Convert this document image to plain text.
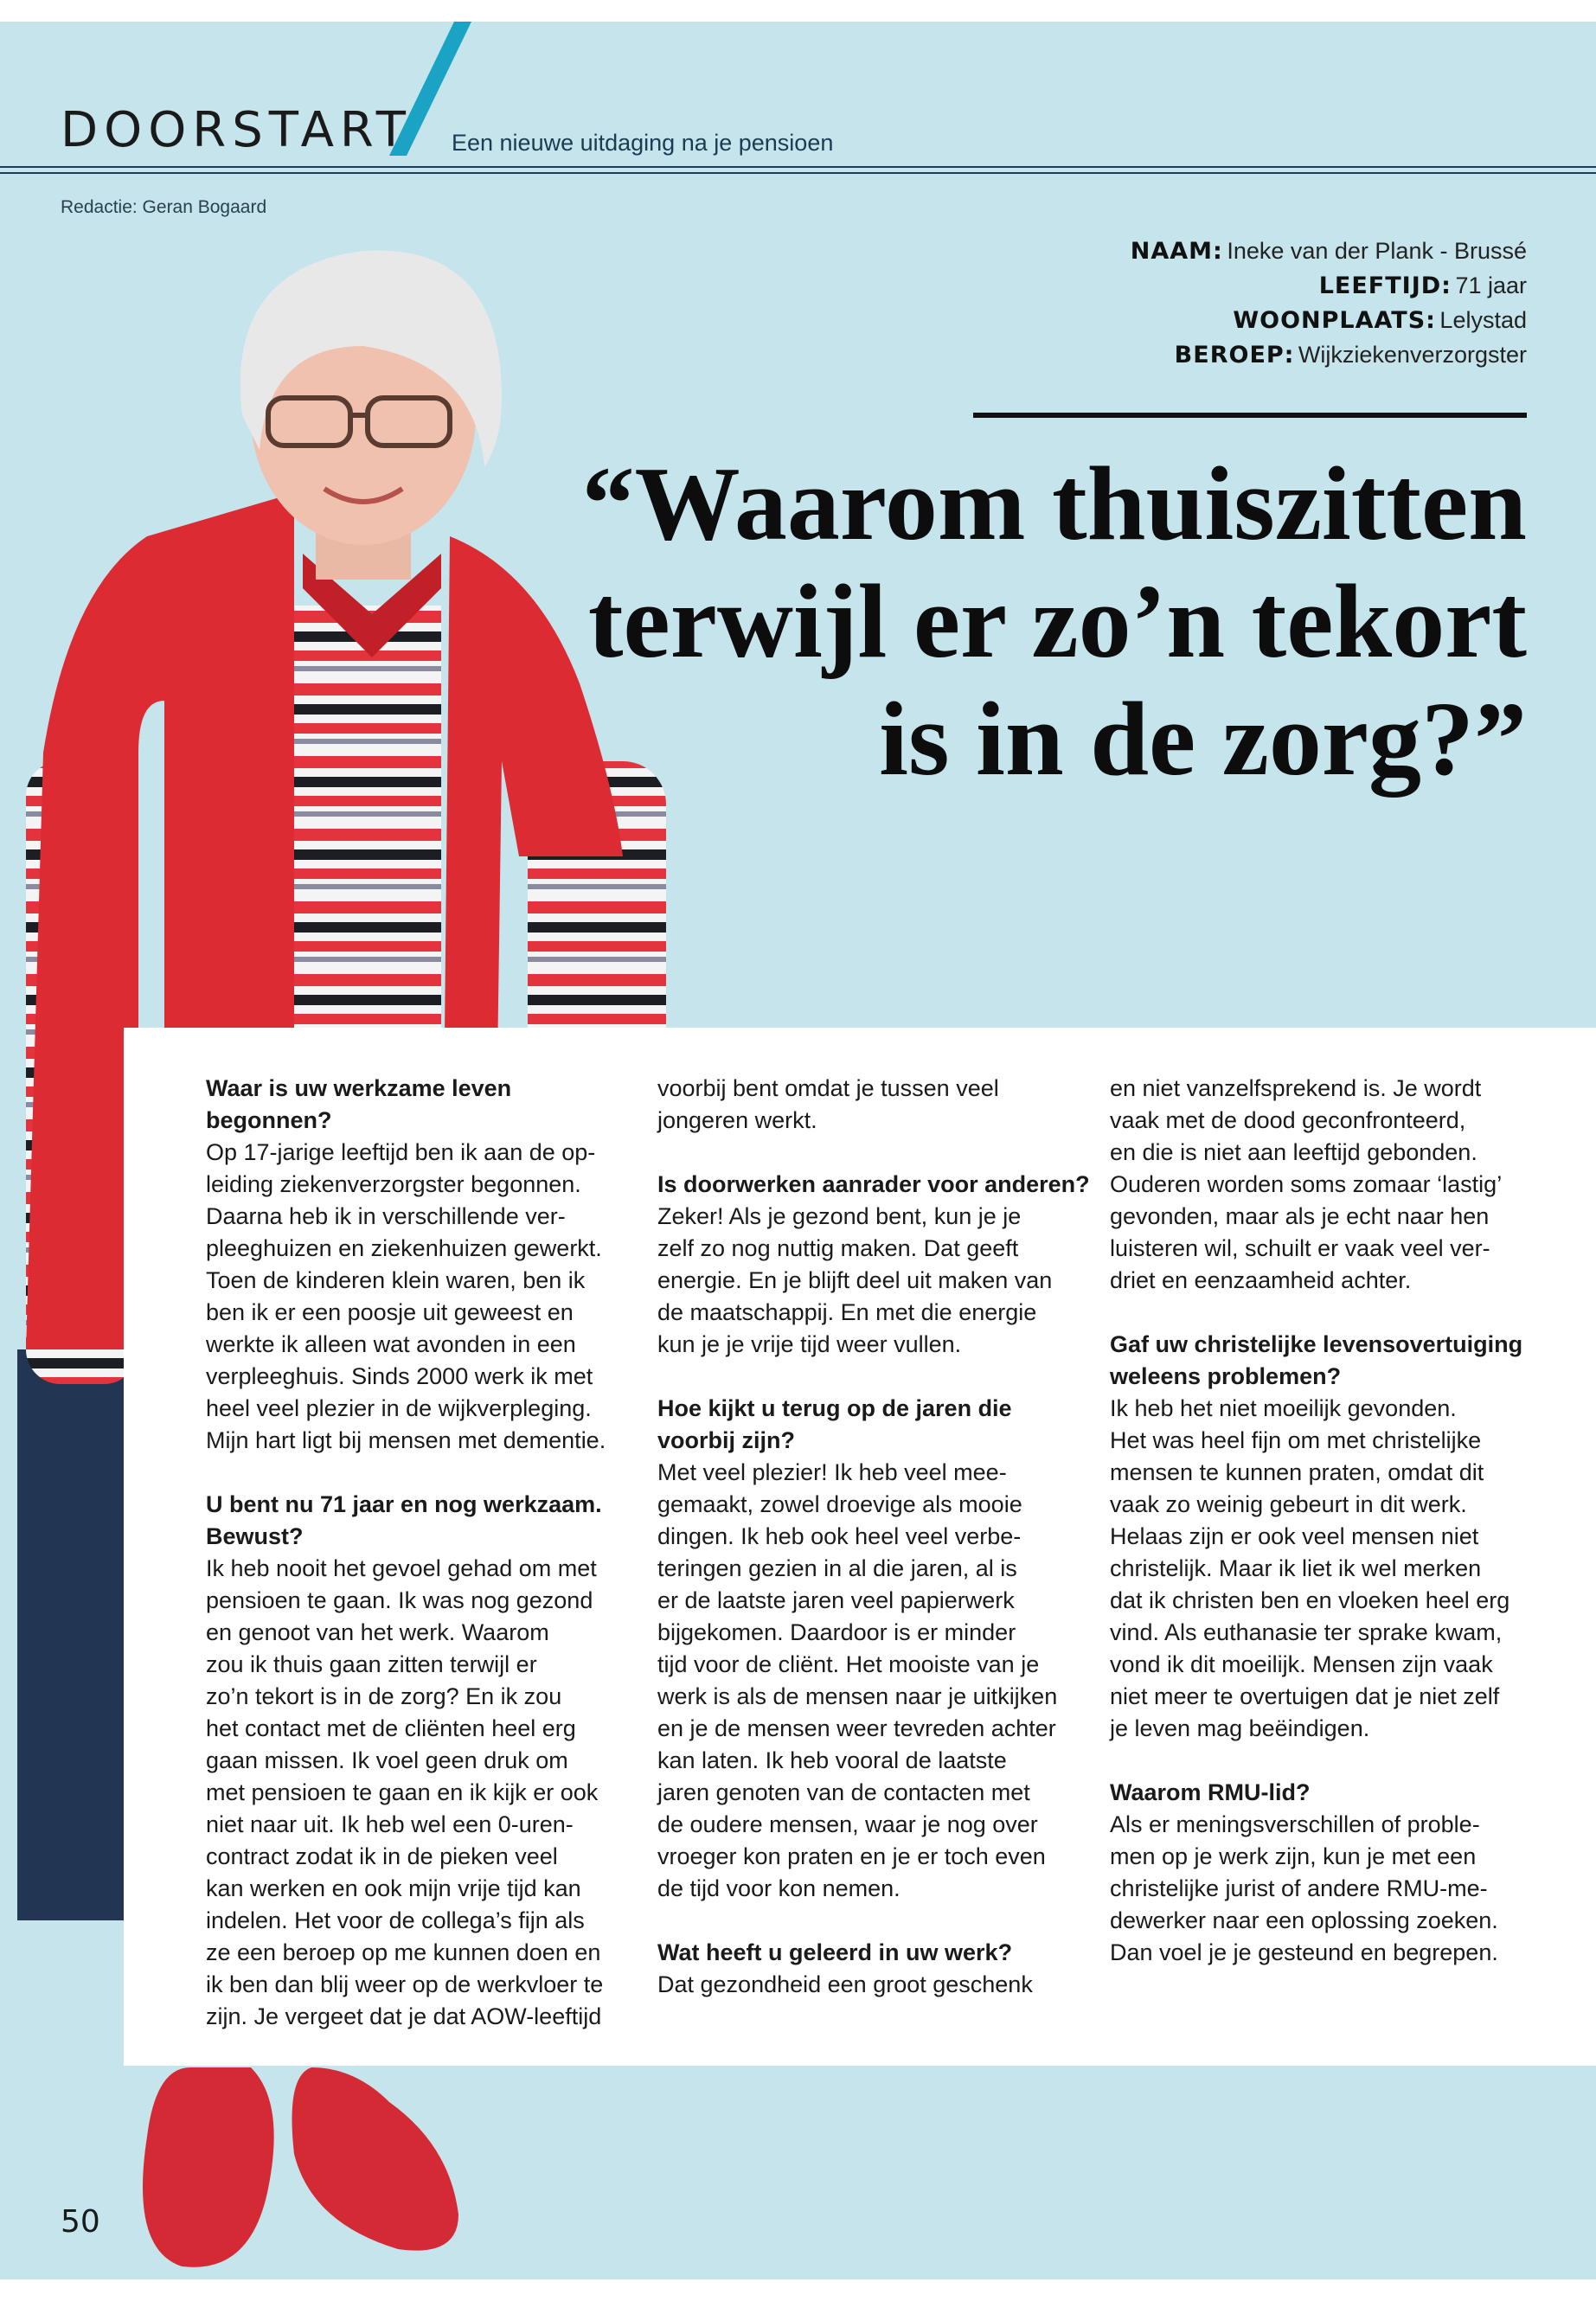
DOORSTART Een nieuwe uitdaging na je pensioen
Redactie: Geran Bogaard
NAAM: Ineke van der Plank - Brussé
LEEFTIJD: 71 jaar
WOONPLAATS: Lelystad
BEROEP: Wijkziekenverzorgster
“Waarom thuiszitten
terwijl er zo’n tekort
is in de zorg?”

Waar is uw werkzame leven begonnen?

Op 17-jarige leeftijd ben ik aan de op-

leiding ziekenverzorgster begonnen.

Daarna heb ik in verschillende ver-

pleeghuizen en ziekenhuizen gewerkt.

Toen de kinderen klein waren, ben ik

ben ik er een poosje uit geweest en

werkte ik alleen wat avonden in een

verpleeghuis. Sinds 2000 werk ik met

heel veel plezier in de wijkverpleging.

Mijn hart ligt bij mensen met dementie.

U bent nu 71 jaar en nog werkzaam.

Bewust?

Ik heb nooit het gevoel gehad om met

pensioen te gaan. Ik was nog gezond

en genoot van het werk. Waarom

zou ik thuis gaan zitten terwijl er

zo’n tekort is in de zorg? En ik zou

het contact met de cliënten heel erg

gaan missen. Ik voel geen druk om

met pensioen te gaan en ik kijk er ook

niet naar uit. Ik heb wel een 0-uren-

contract zodat ik in de pieken veel

kan werken en ook mijn vrije tijd kan

indelen. Het voor de collega’s fijn als

ze een beroep op me kunnen doen en

ik ben dan blij weer op de werkvloer te

zijn. Je vergeet dat je dat AOW-leeftijd

voorbij bent omdat je tussen veel

jongeren werkt.

Is doorwerken aanrader voor anderen?

Zeker! Als je gezond bent, kun je je

zelf zo nog nuttig maken. Dat geeft

energie. En je blijft deel uit maken van

de maatschappij. En met die energie

kun je je vrije tijd weer vullen.

Hoe kijkt u terug op de jaren die

voorbij zijn?

Met veel plezier! Ik heb veel mee-

gemaakt, zowel droevige als mooie

dingen. Ik heb ook heel veel verbe-

teringen gezien in al die jaren, al is

er de laatste jaren veel papierwerk

bijgekomen. Daardoor is er minder

tijd voor de cliënt. Het mooiste van je

werk is als de mensen naar je uitkijken

en je de mensen weer tevreden achter

kan laten. Ik heb vooral de laatste

jaren genoten van de contacten met

de oudere mensen, waar je nog over

vroeger kon praten en je er toch even

de tijd voor kon nemen.

Wat heeft u geleerd in uw werk?

Dat gezondheid een groot geschenk

en niet vanzelfsprekend is. Je wordt

vaak met de dood geconfronteerd,

en die is niet aan leeftijd gebonden.

Ouderen worden soms zomaar ‘lastig’

gevonden, maar als je echt naar hen

luisteren wil, schuilt er vaak veel ver-

driet en eenzaamheid achter.

Gaf uw christelijke levensovertuiging

weleens problemen?

Ik heb het niet moeilijk gevonden.

Het was heel fijn om met christelijke

mensen te kunnen praten, omdat dit

vaak zo weinig gebeurt in dit werk.

Helaas zijn er ook veel mensen niet

christelijk. Maar ik liet ik wel merken

dat ik christen ben en vloeken heel erg

vind. Als euthanasie ter sprake kwam,

vond ik dit moeilijk. Mensen zijn vaak

niet meer te overtuigen dat je niet zelf

je leven mag beëindigen.

Waarom RMU-lid?

Als er meningsverschillen of proble-

men op je werk zijn, kun je met een

christelijke jurist of andere RMU-me-

dewerker naar een oplossing zoeken.

Dan voel je je gesteund en begrepen.

50
